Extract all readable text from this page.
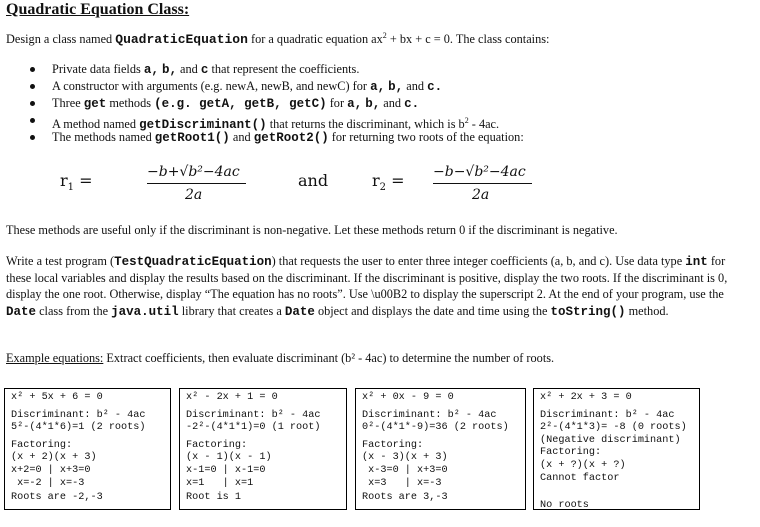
Quadratic Equation Class:
Design a class named QuadraticEquation for a quadratic equation $ax^2$ + bx + c = 0. The class contains:
Private data fields a, b, and c that represent the coefficients.
A constructor with arguments (e.g. newA, newB, and newC) for a, b, and c.
Three get methods (e.g. getA, getB, getC) for a, b, and c.
A method named getDiscriminant() that returns the discriminant, which is $b^2 - 4ac$.
The methods named getRoot1() and getRoot2() for returning two roots of the equation:
$r_1$ =	−b+√b²−4ac
2a
and	$r_2 = -b-√b^2-4ac$
2a
These methods are useful only if the discriminant is non-negative. Let these methods return 0 if the discriminant is negative.
Write a test program (TestQuadraticEquation) that requests the user to enter three integer coefficients (a, b, and c). Use data type int for these local variables and display the results based on the discriminant. If the discriminant is positive, display the two roots. If the discriminant is 0, display the one root. Otherwise, display “The equation has no roots”. Use \u00B2 to display the superscript 2. At the end of your program, use the Date class from the java.util library that creates a Date object and displays the date and time using the toString() method.
Example equations: Extract coefficients, then evaluate discriminant (b² - 4ac) to determine the number of roots.
x² + 5x + 6 = 0
Discriminant: b² - 4ac
5²-(4*1*6)=1 (2 roots)
Factoring:
(x + 2)(x + 3)
x+2=0 | x+3=0
x=-2 | x=-3
Roots are -2,-3
x² - 2x + 1 = 0
Discriminant: b² - 4ac
-2²-(4*1*1)=0 (1 root)
Factoring:
(x - 1)(x - 1)
x-1=0 | x-1=0
x=1   | x=1
Root is 1
x² + 0x - 9 = 0
Discriminant: b² - 4ac
0²-(4*1*-9)=36 (2 roots)
Factoring:
(x - 3)(x + 3)
x-3=0 | x+3=0
x=3   | x=-3
Roots are 3,-3
x² + 2x + 3 = 0
Discriminant: b² - 4ac
2²-(4*1*3)= -8 (0 roots)
(Negative discriminant)
Factoring:
(x + ?)(x + ?)
Cannot factor
No roots
